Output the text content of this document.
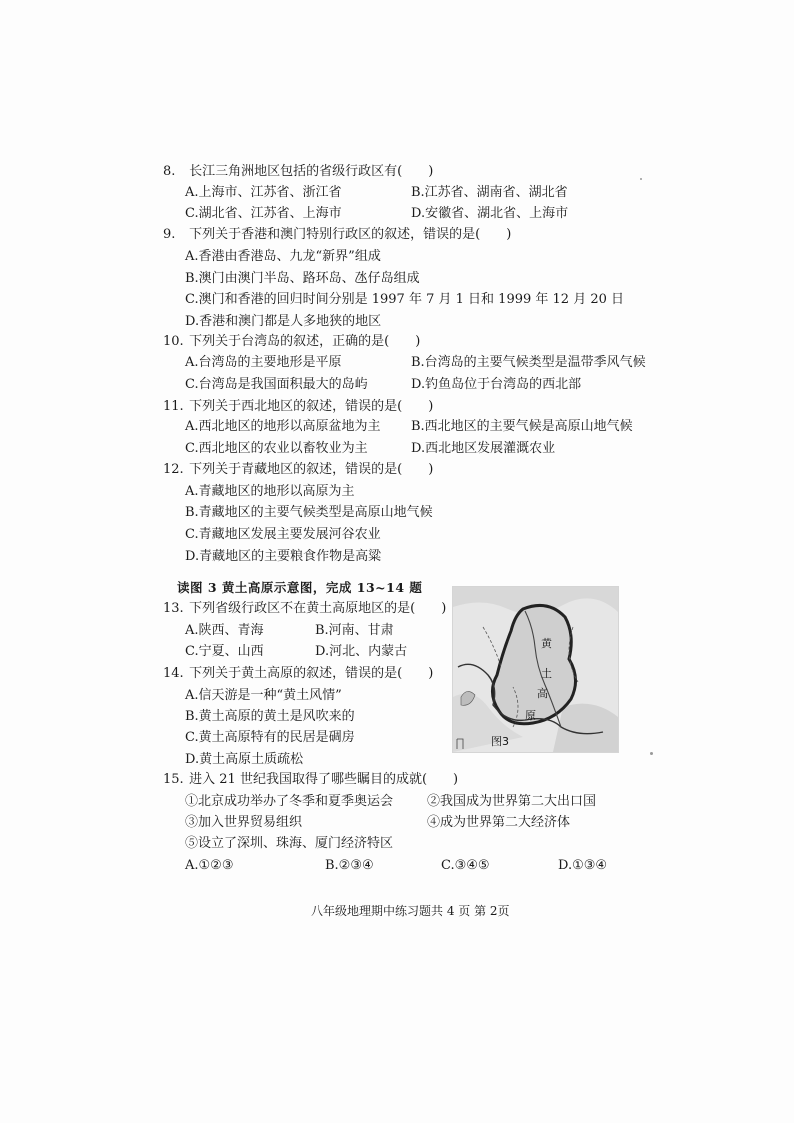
8. 长江三角洲地区包括的省级行政区有(　　)
A.上海市、江苏省、浙江省	B.江苏省、湖南省、湖北省
C.湖北省、江苏省、上海市	D.安徽省、湖北省、上海市
9. 下列关于香港和澳门特别行政区的叙述，错误的是(　　)
A.香港由香港岛、九龙“新界”组成
B.澳门由澳门半岛、路环岛、氹仔岛组成
C.澳门和香港的回归时间分别是 1997 年 7 月 1 日和 1999 年 12 月 20 日
D.香港和澳门都是人多地狭的地区
10. 下列关于台湾岛的叙述，正确的是(　　)
A.台湾岛的主要地形是平原	B.台湾岛的主要气候类型是温带季风气候
C.台湾岛是我国面积最大的岛屿	D.钓鱼岛位于台湾岛的西北部
11. 下列关于西北地区的叙述，错误的是(　　)
A.西北地区的地形以高原盆地为主 B.西北地区的主要气候是高原山地气候
C.西北地区的农业以畜牧业为主	D.西北地区发展灌溉农业
12. 下列关于青藏地区的叙述，错误的是(　　)
A.青藏地区的地形以高原为主
B.青藏地区的主要气候类型是高原山地气候
C.青藏地区发展主要发展河谷农业
D.青藏地区的主要粮食作物是高粱
读图 3 黄土高原示意图，完成 13~14 题
13. 下列省级行政区不在黄土高原地区的是(　　)
A.陕西、青海	B.河南、甘肃
C.宁夏、山西	D.河北、内蒙古
14. 下列关于黄土高原的叙述，错误的是(　　)
A.信天游是一种“黄土风情”
B.黄土高原的黄土是风吹来的
C.黄土高原特有的民居是碉房
D.黄土高原土质疏松
黄
土
高
原
图3
15. 进入 21 世纪我国取得了哪些瞩目的成就(　　)
①北京成功举办了冬季和夏季奥运会	②我国成为世界第二大出口国
③加入世界贸易组织	④成为世界第二大经济体
⑤设立了深圳、珠海、厦门经济特区
A.①②③	B.②③④	C.③④⑤	D.①③④
八年级地理期中练习题共 4 页 第 2页
